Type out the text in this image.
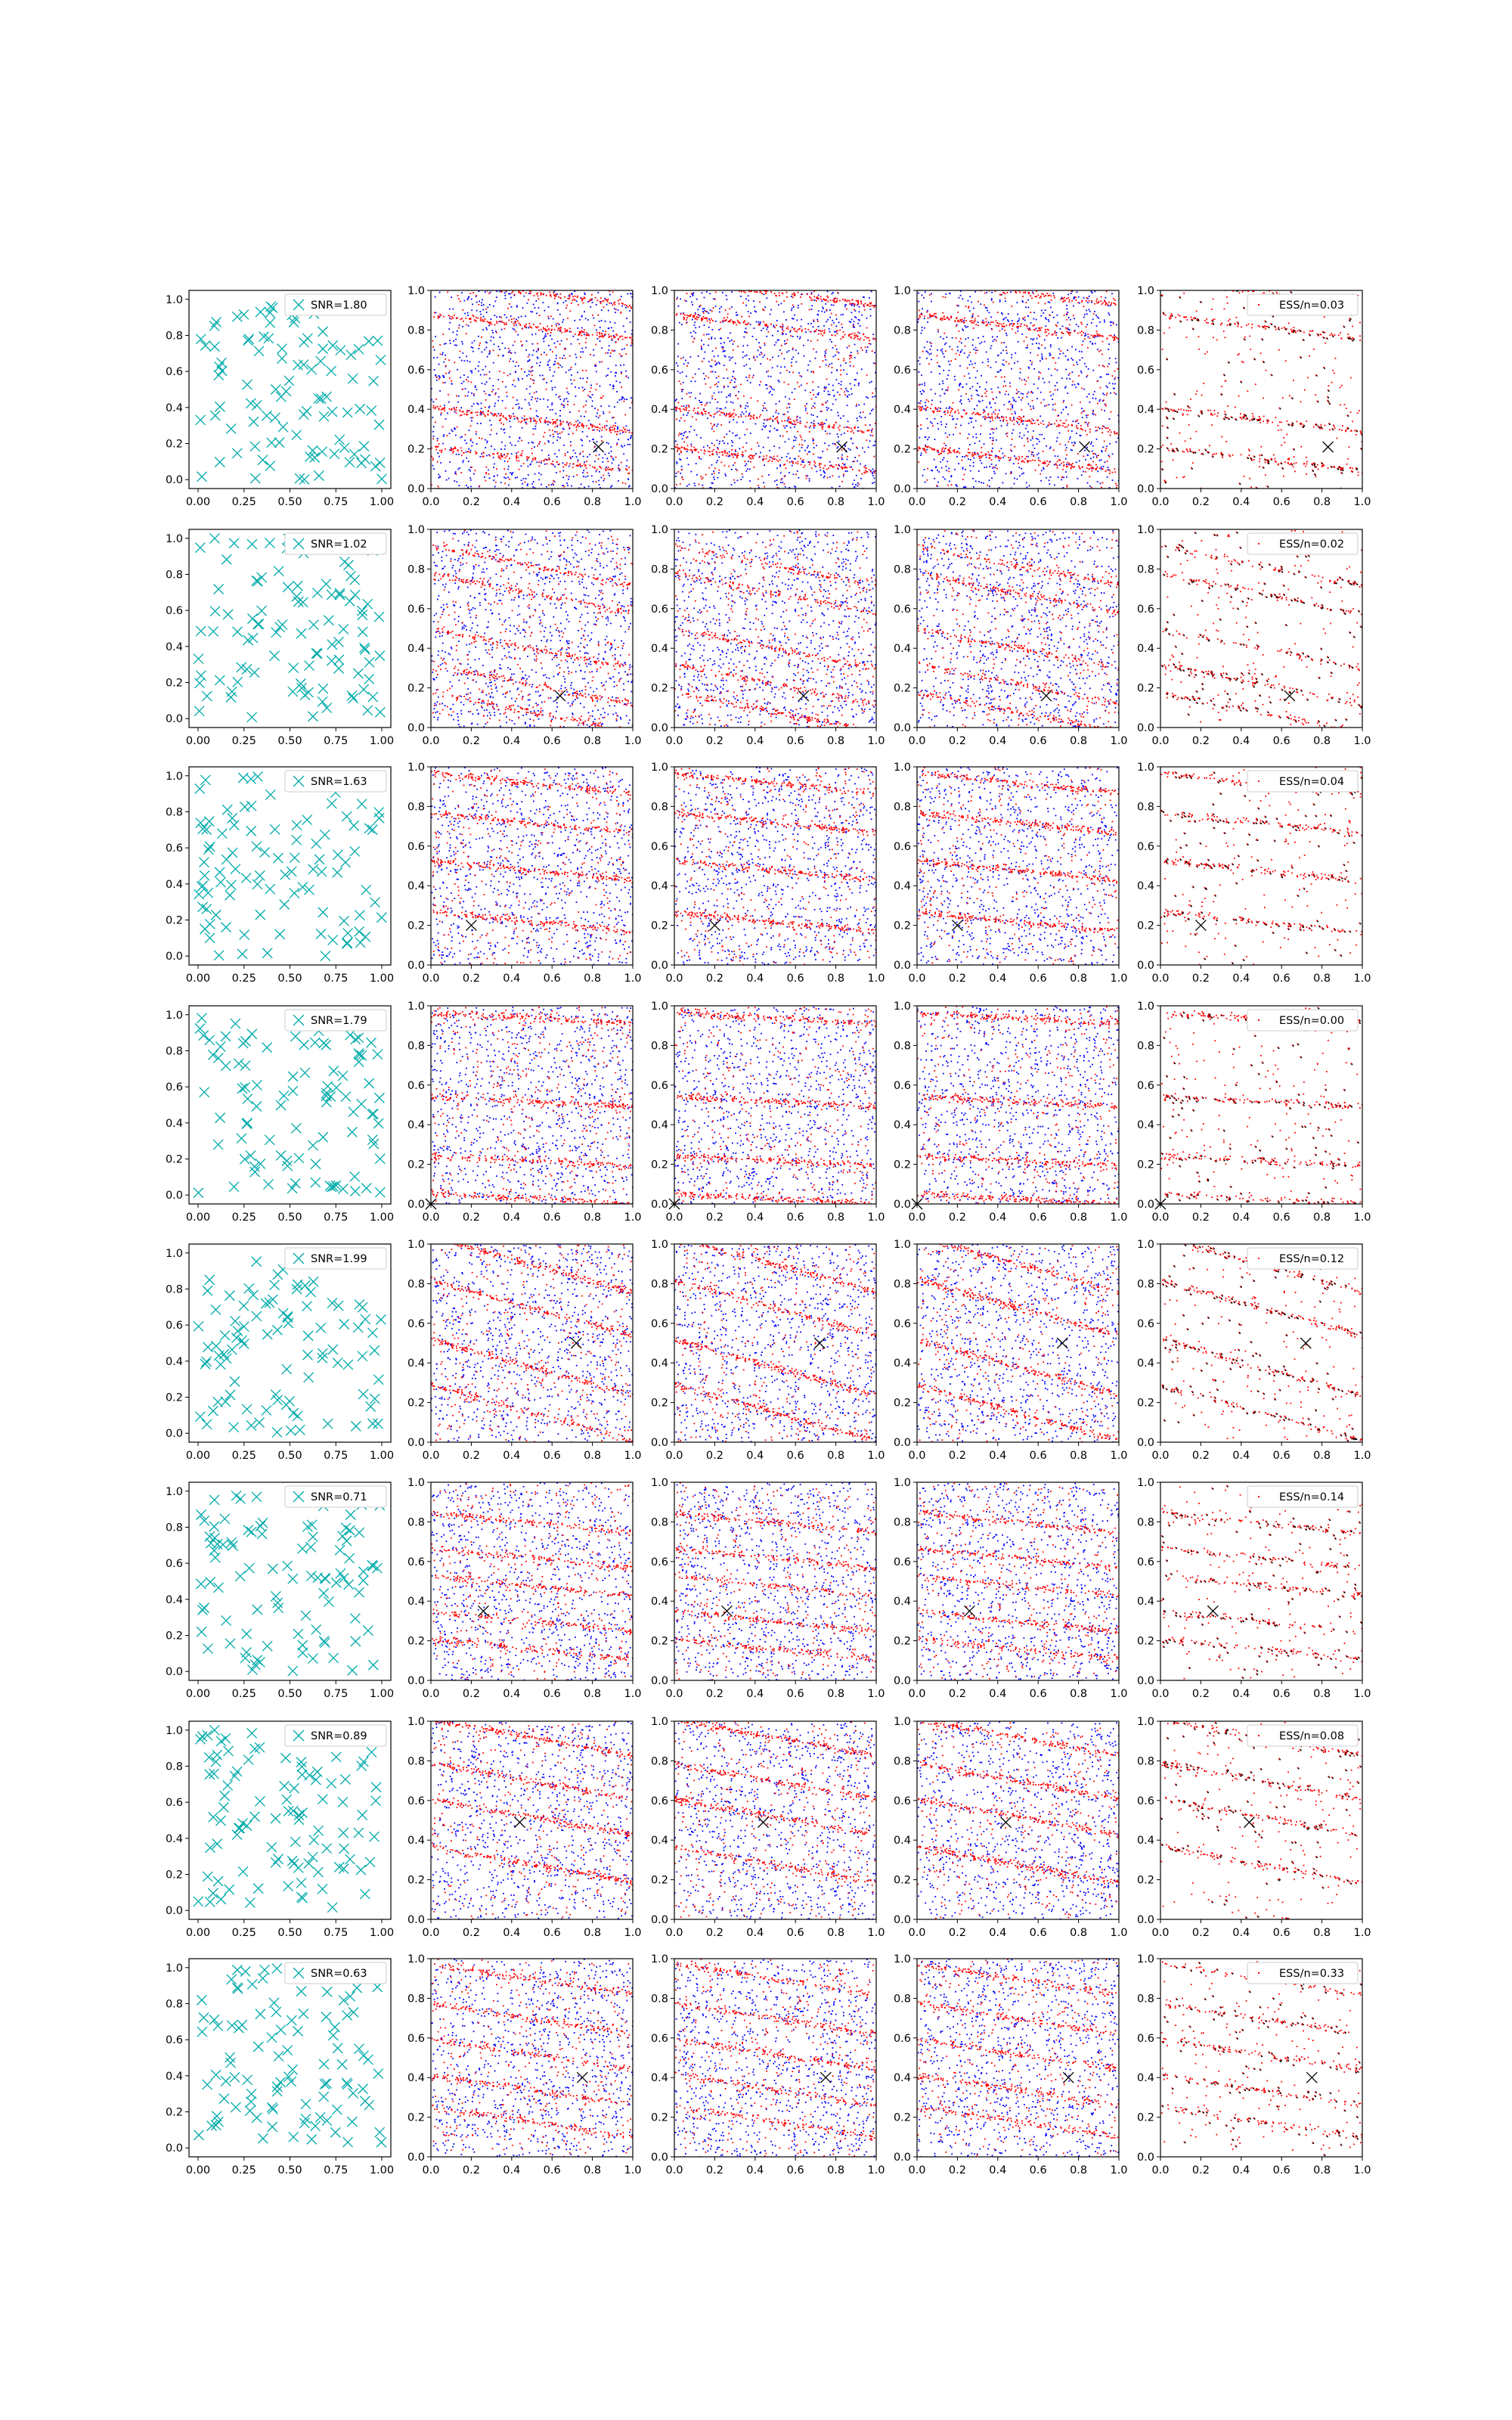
0.00 0.25 0.50 0.75 1.00
0.0
0.2
0.4
0.6
0.8
1.0	SNR=1.80
0.0 0.2 0.4 0.6 0.8 1.0
0.0
0.2
0.4
0.6
0.8
1.0
0.0 0.2 0.4 0.6 0.8 1.0
0.0
0.2
0.4
0.6
0.8
1.0
0.0 0.2 0.4 0.6 0.8 1.0
0.0
0.2
0.4
0.6
0.8
1.0
0.0 0.2 0.4 0.6 0.8 1.0
0.0
0.2
0.4
0.6
0.8
1.0
ESS/n=0.03
0.00 0.25 0.50 0.75 1.00
0.0
0.2
0.4
0.6
0.8
1.0	SNR=1.02
0.0 0.2 0.4 0.6 0.8 1.0
0.0
0.2
0.4
0.6
0.8
1.0
0.0 0.2 0.4 0.6 0.8 1.0
0.0
0.2
0.4
0.6
0.8
1.0
0.0 0.2 0.4 0.6 0.8 1.0
0.0
0.2
0.4
0.6
0.8
1.0
0.0 0.2 0.4 0.6 0.8 1.0
0.0
0.2
0.4
0.6
0.8
1.0
ESS/n=0.02
0.00 0.25 0.50 0.75 1.00
0.0
0.2
0.4
0.6
0.8
1.0	SNR=1.63
0.0 0.2 0.4 0.6 0.8 1.0
0.0
0.2
0.4
0.6
0.8
1.0
0.0 0.2 0.4 0.6 0.8 1.0
0.0
0.2
0.4
0.6
0.8
1.0
0.0 0.2 0.4 0.6 0.8 1.0
0.0
0.2
0.4
0.6
0.8
1.0
0.0 0.2 0.4 0.6 0.8 1.0
0.0
0.2
0.4
0.6
0.8
1.0
ESS/n=0.04
0.00 0.25 0.50 0.75 1.00
0.0
0.2
0.4
0.6
0.8
1.0	SNR=1.79
0.0 0.2 0.4 0.6 0.8 1.0
0.0
0.2
0.4
0.6
0.8
1.0
0.0 0.2 0.4 0.6 0.8 1.0
0.0
0.2
0.4
0.6
0.8
1.0
0.0 0.2 0.4 0.6 0.8 1.0
0.0
0.2
0.4
0.6
0.8
1.0
0.0 0.2 0.4 0.6 0.8 1.0
0.0
0.2
0.4
0.6
0.8
1.0
ESS/n=0.00
0.00 0.25 0.50 0.75 1.00
0.0
0.2
0.4
0.6
0.8
1.0	SNR=1.99
0.0 0.2 0.4 0.6 0.8 1.0
0.0
0.2
0.4
0.6
0.8
1.0
0.0 0.2 0.4 0.6 0.8 1.0
0.0
0.2
0.4
0.6
0.8
1.0
0.0 0.2 0.4 0.6 0.8 1.0
0.0
0.2
0.4
0.6
0.8
1.0
0.0 0.2 0.4 0.6 0.8 1.0
0.0
0.2
0.4
0.6
0.8
1.0
ESS/n=0.12
0.00 0.25 0.50 0.75 1.00
0.0
0.2
0.4
0.6
0.8
1.0	SNR=0.71
0.0 0.2 0.4 0.6 0.8 1.0
0.0
0.2
0.4
0.6
0.8
1.0
0.0 0.2 0.4 0.6 0.8 1.0
0.0
0.2
0.4
0.6
0.8
1.0
0.0 0.2 0.4 0.6 0.8 1.0
0.0
0.2
0.4
0.6
0.8
1.0
0.0 0.2 0.4 0.6 0.8 1.0
0.0
0.2
0.4
0.6
0.8
1.0
ESS/n=0.14
0.00 0.25 0.50 0.75 1.00
0.0
0.2
0.4
0.6
0.8
1.0	SNR=0.89
0.0 0.2 0.4 0.6 0.8 1.0
0.0
0.2
0.4
0.6
0.8
1.0
0.0 0.2 0.4 0.6 0.8 1.0
0.0
0.2
0.4
0.6
0.8
1.0
0.0 0.2 0.4 0.6 0.8 1.0
0.0
0.2
0.4
0.6
0.8
1.0
0.0 0.2 0.4 0.6 0.8 1.0
0.0
0.2
0.4
0.6
0.8
1.0
ESS/n=0.08
0.00 0.25 0.50 0.75 1.00
0.0
0.2
0.4
0.6
0.8
1.0	SNR=0.63
0.0 0.2 0.4 0.6 0.8 1.0
0.0
0.2
0.4
0.6
0.8
1.0
0.0 0.2 0.4 0.6 0.8 1.0
0.0
0.2
0.4
0.6
0.8
1.0
0.0 0.2 0.4 0.6 0.8 1.0
0.0
0.2
0.4
0.6
0.8
1.0
0.0 0.2 0.4 0.6 0.8 1.0
0.0
0.2
0.4
0.6
0.8
1.0
ESS/n=0.33
